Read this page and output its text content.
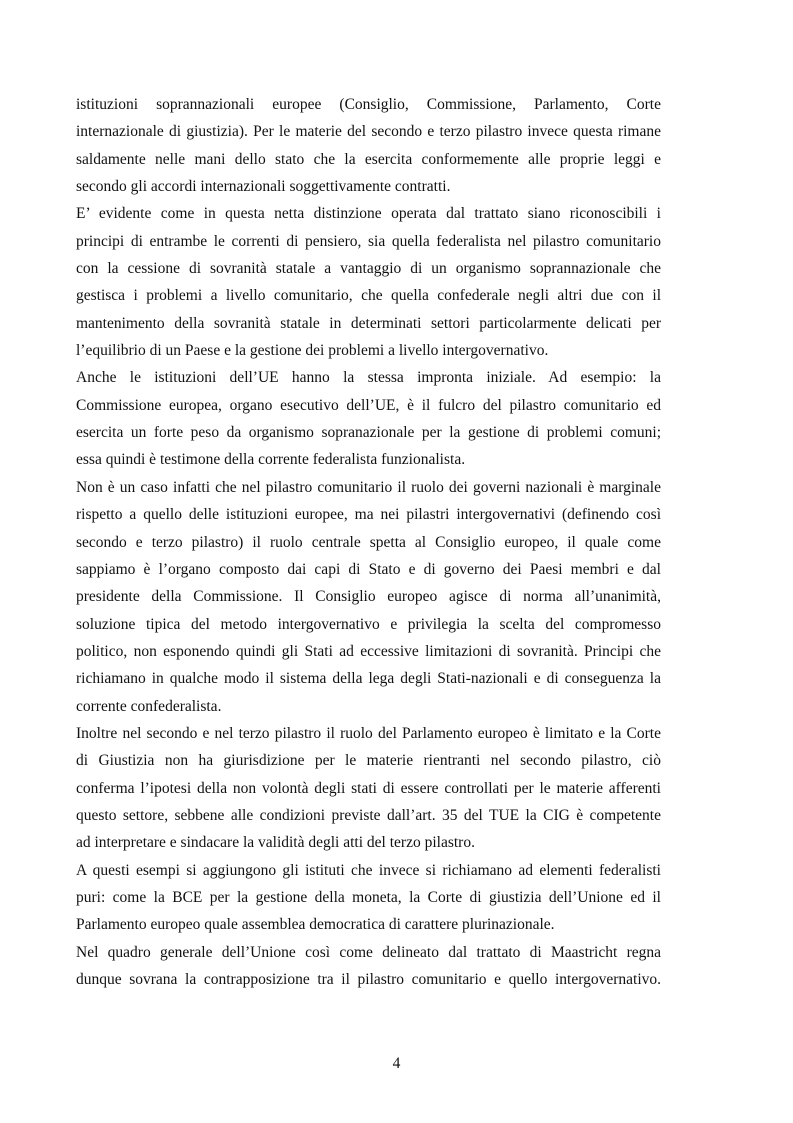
istituzioni soprannazionali europee (Consiglio, Commissione, Parlamento, Corte
internazionale di giustizia). Per le materie del secondo e terzo pilastro invece questa rimane
saldamente nelle mani dello stato che la esercita conformemente alle proprie leggi e
secondo gli accordi internazionali soggettivamente contratti.
E’ evidente come in questa netta distinzione operata dal trattato siano riconoscibili i
principi di entrambe le correnti di pensiero, sia quella federalista nel pilastro comunitario
con la cessione di sovranità statale a vantaggio di un organismo soprannazionale che
gestisca i problemi a livello comunitario, che quella confederale negli altri due con il
mantenimento della sovranità statale in determinati settori particolarmente delicati per
l’equilibrio di un Paese e la gestione dei problemi a livello intergovernativo.
Anche le istituzioni dell’UE hanno la stessa impronta iniziale. Ad esempio: la
Commissione europea, organo esecutivo dell’UE, è il fulcro del pilastro comunitario ed
esercita un forte peso da organismo sopranazionale per la gestione di problemi comuni;
essa quindi è testimone della corrente federalista funzionalista.
Non è un caso infatti che nel pilastro comunitario il ruolo dei governi nazionali è marginale
rispetto a quello delle istituzioni europee, ma nei pilastri intergovernativi (definendo così
secondo e terzo pilastro) il ruolo centrale spetta al Consiglio europeo, il quale come
sappiamo è l’organo composto dai capi di Stato e di governo dei Paesi membri e dal
presidente della Commissione. Il Consiglio europeo agisce di norma all’unanimità,
soluzione tipica del metodo intergovernativo e privilegia la scelta del compromesso
politico, non esponendo quindi gli Stati ad eccessive limitazioni di sovranità. Principi che
richiamano in qualche modo il sistema della lega degli Stati-nazionali e di conseguenza la
corrente confederalista.
Inoltre nel secondo e nel terzo pilastro il ruolo del Parlamento europeo è limitato e la Corte
di Giustizia non ha giurisdizione per le materie rientranti nel secondo pilastro, ciò
conferma l’ipotesi della non volontà degli stati di essere controllati per le materie afferenti
questo settore, sebbene alle condizioni previste dall’art. 35 del TUE la CIG è competente
ad interpretare e sindacare la validità degli atti del terzo pilastro.
A questi esempi si aggiungono gli istituti che invece si richiamano ad elementi federalisti
puri: come la BCE per la gestione della moneta, la Corte di giustizia dell’Unione ed il
Parlamento europeo quale assemblea democratica di carattere plurinazionale.
Nel quadro generale dell’Unione così come delineato dal trattato di Maastricht regna
dunque sovrana la contrapposizione tra il pilastro comunitario e quello intergovernativo.
4
